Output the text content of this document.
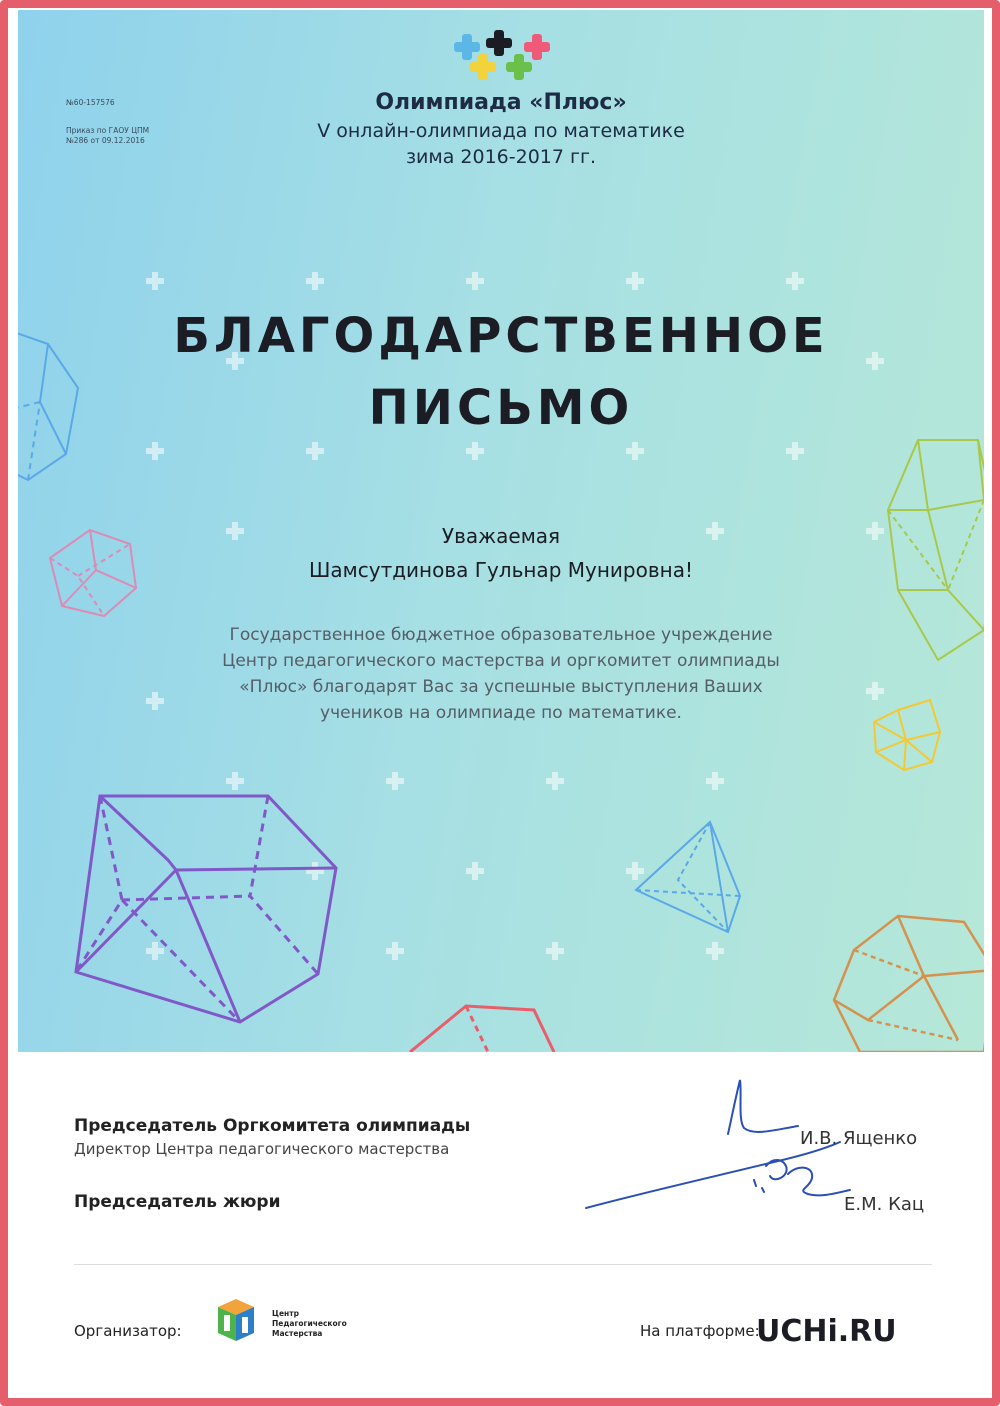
№60-157576
Приказ по ГАОУ ЦПМ
№286 от 09.12.2016
Олимпиада «Плюс»
V онлайн-олимпиада по математике
зима 2016-2017 гг.
БЛАГОДАРСТВЕННОЕ
ПИСЬМО
Уважаемая
Шамсутдинова Гульнар Мунировна!
Государственное бюджетное образовательное учреждение
Центр педагогического мастерства и оргкомитет олимпиады
«Плюс» благодарят Вас за успешные выступления Ваших
учеников на олимпиаде по математике.
Председатель Оргкомитета олимпиады
Директор Центра педагогического мастерства
Председатель жюри
И.В. Ященко
Е.М. Кац
Организатор:
Центр
Педагогического
Мастерства	На платформе:
UCHi.RU
